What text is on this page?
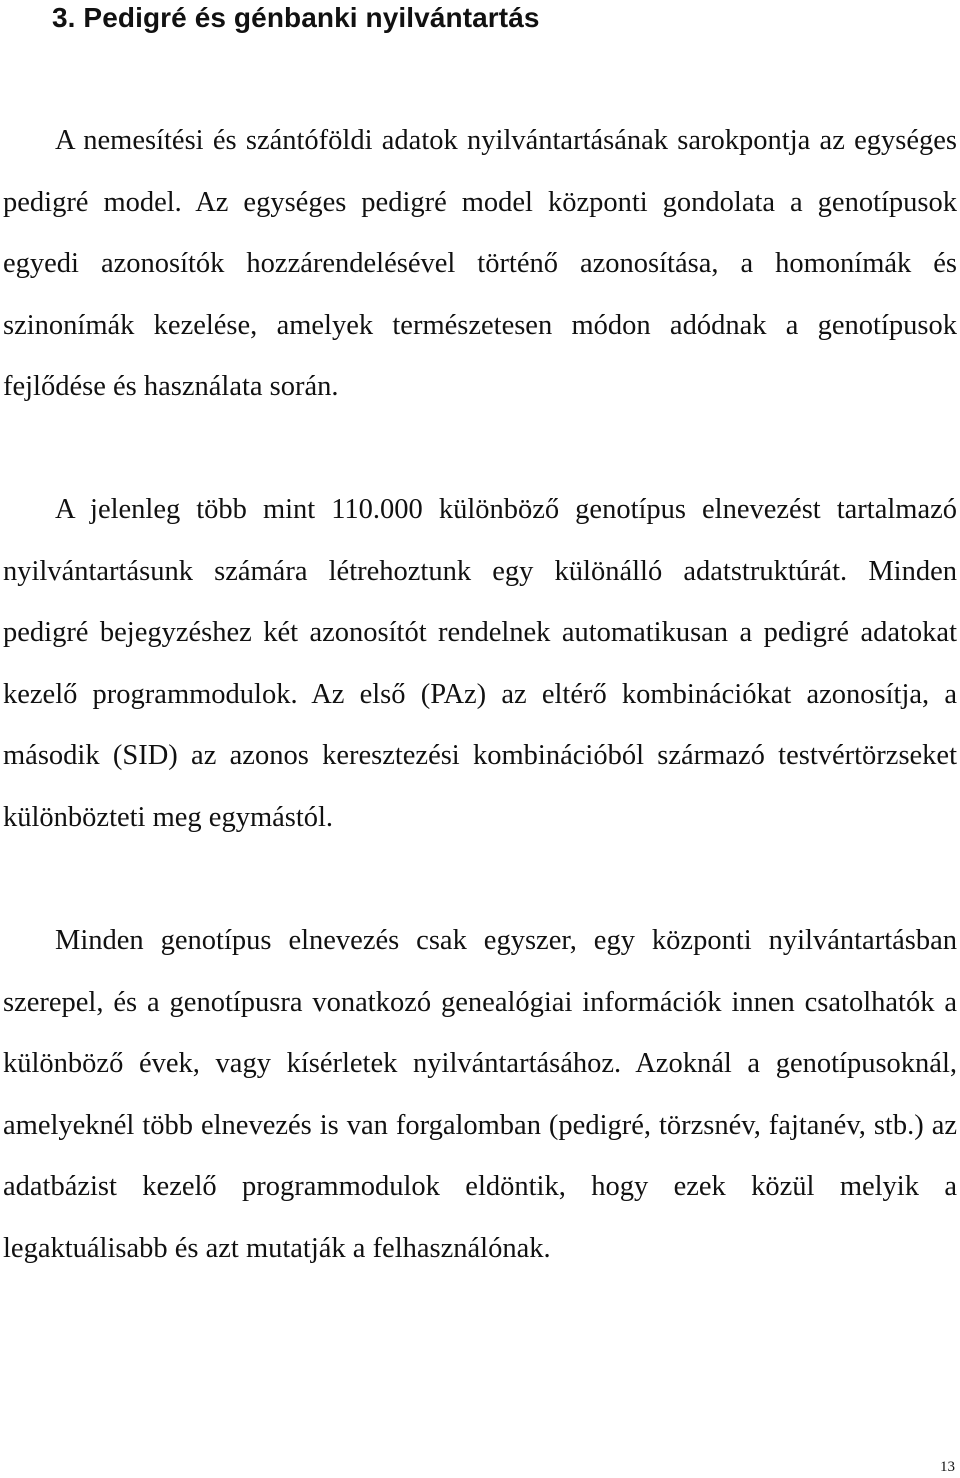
3. Pedigré és génbanki nyilvántartás

A nemesítési és szántóföldi adatok nyilvántartásának sarokpontja az egységes pedigré model. Az egységes pedigré model központi gondolata a genotípusok egyedi azonosítók hozzárendelésével történő azonosítása, a homonímák és szinonímák kezelése, amelyek természetesen módon adódnak a genotípusok fejlődése és használata során.

A jelenleg több mint 110.000 különböző genotípus elnevezést tartalmazó nyilvántartásunk számára létrehoztunk egy különálló adatstruktúrát. Minden pedigré bejegyzéshez két azonosítót rendelnek automatikusan a pedigré adatokat kezelő programmodulok. Az első (PAz) az eltérő kombinációkat azonosítja, a második (SID) az azonos keresztezési kombinációból származó testvértörzseket különbözteti meg egymástól.

Minden genotípus elnevezés csak egyszer, egy központi nyilvántartásban szerepel, és a genotípusra vonatkozó genealógiai információk innen csatolhatók a különböző évek, vagy kísérletek nyilvántartásához. Azoknál a genotípusoknál, amelyeknél több elnevezés is van forgalomban (pedigré, törzsnév, fajtanév, stb.) az adatbázist kezelő programmodulok eldöntik, hogy ezek közül melyik a legaktuálisabb és azt mutatják a felhasználónak.

13
